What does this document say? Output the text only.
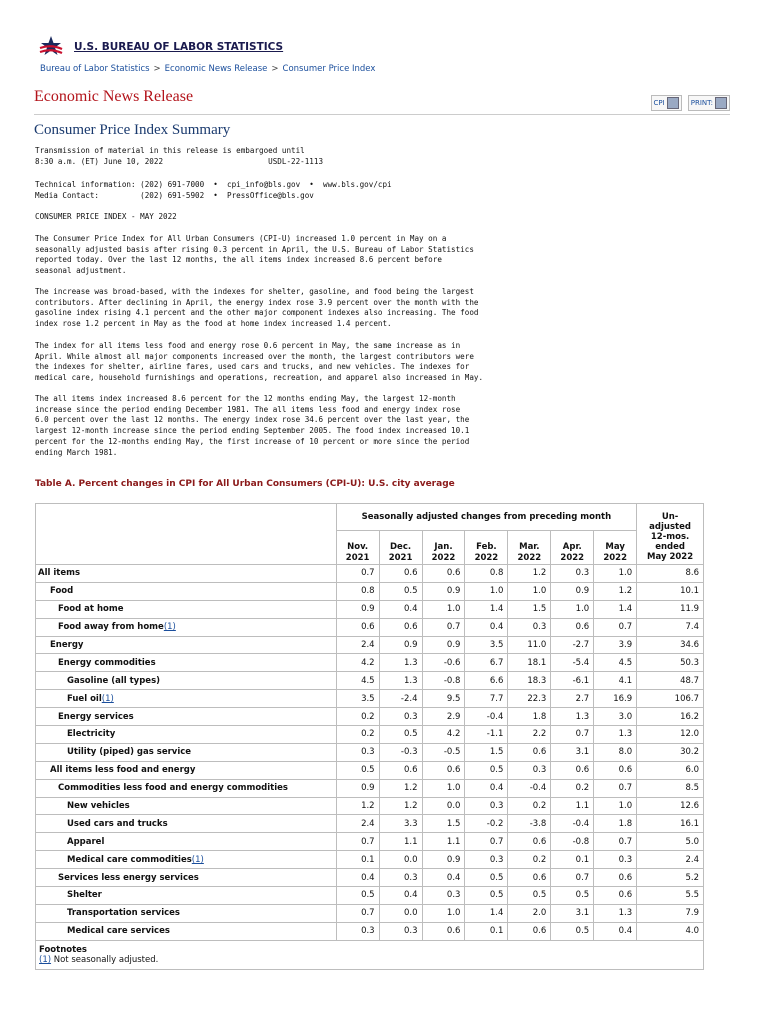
U.S. BUREAU OF LABOR STATISTICS
Bureau of Labor Statistics > Economic News Release > Consumer Price Index
Economic News Release	CPI	PRINT:
Consumer Price Index Summary
Transmission of material in this release is embargoed until
8:30 a.m. (ET) June 10, 2022                       USDL-22-1113
Technical information: (202) 691-7000  •  cpi_info@bls.gov  •  www.bls.gov/cpi
Media Contact:         (202) 691-5902  •  PressOffice@bls.gov
CONSUMER PRICE INDEX - MAY 2022
The Consumer Price Index for All Urban Consumers (CPI-U) increased 1.0 percent in May on a
seasonally adjusted basis after rising 0.3 percent in April, the U.S. Bureau of Labor Statistics
reported today. Over the last 12 months, the all items index increased 8.6 percent before
seasonal adjustment.
The increase was broad-based, with the indexes for shelter, gasoline, and food being the largest
contributors. After declining in April, the energy index rose 3.9 percent over the month with the
gasoline index rising 4.1 percent and the other major component indexes also increasing. The food
index rose 1.2 percent in May as the food at home index increased 1.4 percent.
The index for all items less food and energy rose 0.6 percent in May, the same increase as in
April. While almost all major components increased over the month, the largest contributors were
the indexes for shelter, airline fares, used cars and trucks, and new vehicles. The indexes for
medical care, household furnishings and operations, recreation, and apparel also increased in May.
The all items index increased 8.6 percent for the 12 months ending May, the largest 12-month
increase since the period ending December 1981. The all items less food and energy index rose
6.0 percent over the last 12 months. The energy index rose 34.6 percent over the last year, the
largest 12-month increase since the period ending September 2005. The food index increased 10.1
percent for the 12-months ending May, the first increase of 10 percent or more since the period
ending March 1981.
Table A. Percent changes in CPI for All Urban Consumers (CPI-U): U.S. city average
	Seasonally adjusted changes from preceding month							Un-
adjusted
12-mos.
ended
May 2022
	Nov.
2021	Dec.
2021	Jan.
2022	Feb.
2022	Mar.
2022	Apr.
2022	May
2022	
All items	0.7	0.6	0.6	0.8	1.2	0.3	1.0	8.6
Food	0.8	0.5	0.9	1.0	1.0	0.9	1.2	10.1
Food at home	0.9	0.4	1.0	1.4	1.5	1.0	1.4	11.9
Food away from home(1)	0.6	0.6	0.7	0.4	0.3	0.6	0.7	7.4
Energy	2.4	0.9	0.9	3.5	11.0	-2.7	3.9	34.6
Energy commodities	4.2	1.3	-0.6	6.7	18.1	-5.4	4.5	50.3
Gasoline (all types)	4.5	1.3	-0.8	6.6	18.3	-6.1	4.1	48.7
Fuel oil(1)	3.5	-2.4	9.5	7.7	22.3	2.7	16.9	106.7
Energy services	0.2	0.3	2.9	-0.4	1.8	1.3	3.0	16.2
Electricity	0.2	0.5	4.2	-1.1	2.2	0.7	1.3	12.0
Utility (piped) gas service	0.3	-0.3	-0.5	1.5	0.6	3.1	8.0	30.2
All items less food and energy	0.5	0.6	0.6	0.5	0.3	0.6	0.6	6.0
Commodities less food and energy commodities	0.9	1.2	1.0	0.4	-0.4	0.2	0.7	8.5
New vehicles	1.2	1.2	0.0	0.3	0.2	1.1	1.0	12.6
Used cars and trucks	2.4	3.3	1.5	-0.2	-3.8	-0.4	1.8	16.1
Apparel	0.7	1.1	1.1	0.7	0.6	-0.8	0.7	5.0
Medical care commodities(1)	0.1	0.0	0.9	0.3	0.2	0.1	0.3	2.4
Services less energy services	0.4	0.3	0.4	0.5	0.6	0.7	0.6	5.2
Shelter	0.5	0.4	0.3	0.5	0.5	0.5	0.6	5.5
Transportation services	0.7	0.0	1.0	1.4	2.0	3.1	1.3	7.9
Medical care services	0.3	0.3	0.6	0.1	0.6	0.5	0.4	4.0

Footnotes
(1) Not seasonally adjusted.								
